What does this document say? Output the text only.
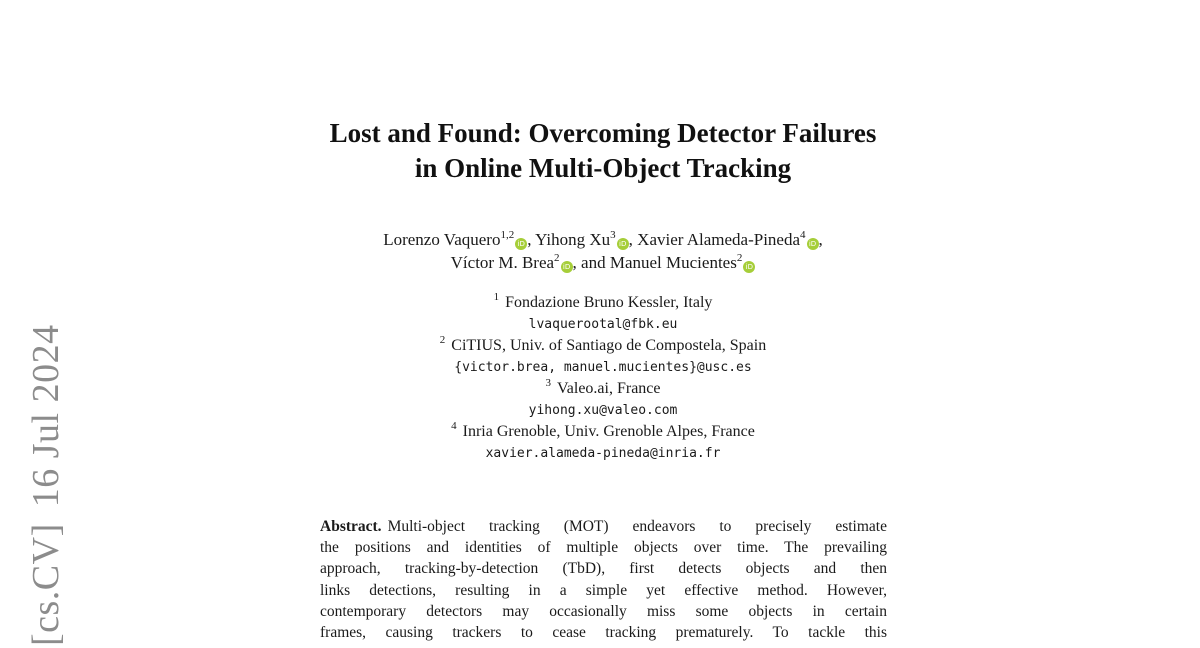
[cs.CV]16 Jul 2024
Lost and Found: Overcoming Detector Failures
in Online Multi-Object Tracking
Lorenzo Vaquero$^{1,2}$iD , Yihong Xu$^3$iD , Xavier Alameda-Pineda$^4$iD ,
Víctor M. Brea$^2$iD , and Manuel Mucientes$^2$iD
$^1$ Fondazione Bruno Kessler, Italy
lvaquerootal@fbk.eu
$^2$ CiTIUS, Univ. of Santiago de Compostela, Spain
{victor.brea, manuel.mucientes}@usc.es
$^3$ Valeo.ai, France
yihong.xu@valeo.com
$^4$ Inria Grenoble, Univ. Grenoble Alpes, France
xavier.alameda-pineda@inria.fr
Abstract. Multi-object tracking (MOT) endeavors to precisely estimate
the positions and identities of multiple objects over time. The prevailing
approach, tracking-by-detection (TbD), first detects objects and then
links detections, resulting in a simple yet effective method. However,
contemporary detectors may occasionally miss some objects in certain
frames, causing trackers to cease tracking prematurely. To tackle this
